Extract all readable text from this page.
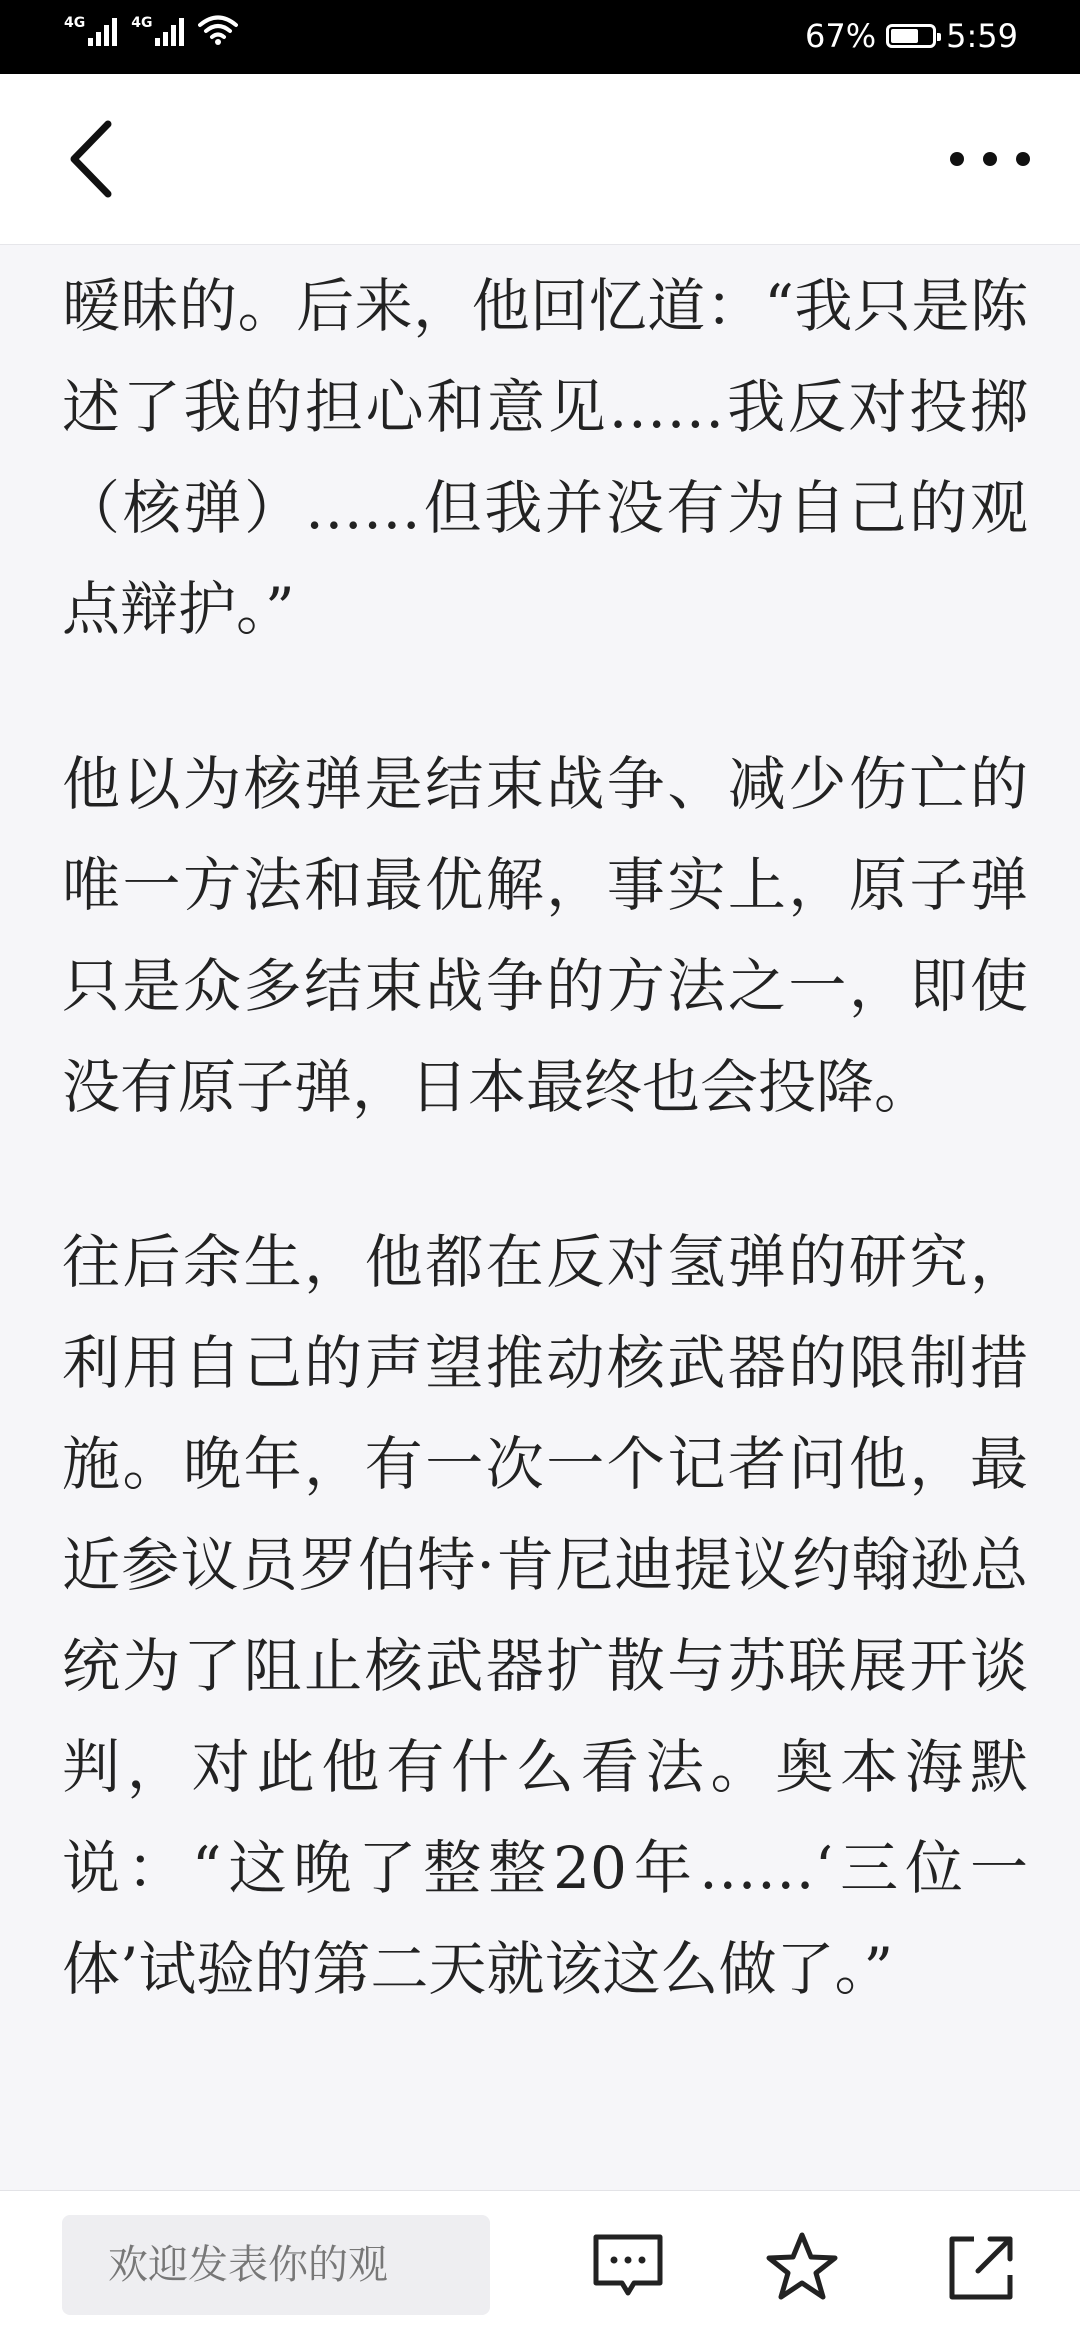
4G	4G	67% 5:59

暧昧的。后来，他回忆道：“我只是陈述了我的担心和意见……我反对投掷（核弹）……但我并没有为自己的观点辩护。”

他以为核弹是结束战争、减少伤亡的唯一方法和最优解，事实上，原子弹只是众多结束战争的方法之一，即使没有原子弹，日本最终也会投降。

往后余生，他都在反对氢弹的研究，利用自己的声望推动核武器的限制措施。晚年，有一次一个记者问他，最近参议员罗伯特·肯尼迪提议约翰逊总统为了阻止核武器扩散与苏联展开谈判，对此他有什么看法。奥本海默说：“这晚了整整20年……‘三位一体’试验的第二天就该这么做了。”

欢迎发表你的观
